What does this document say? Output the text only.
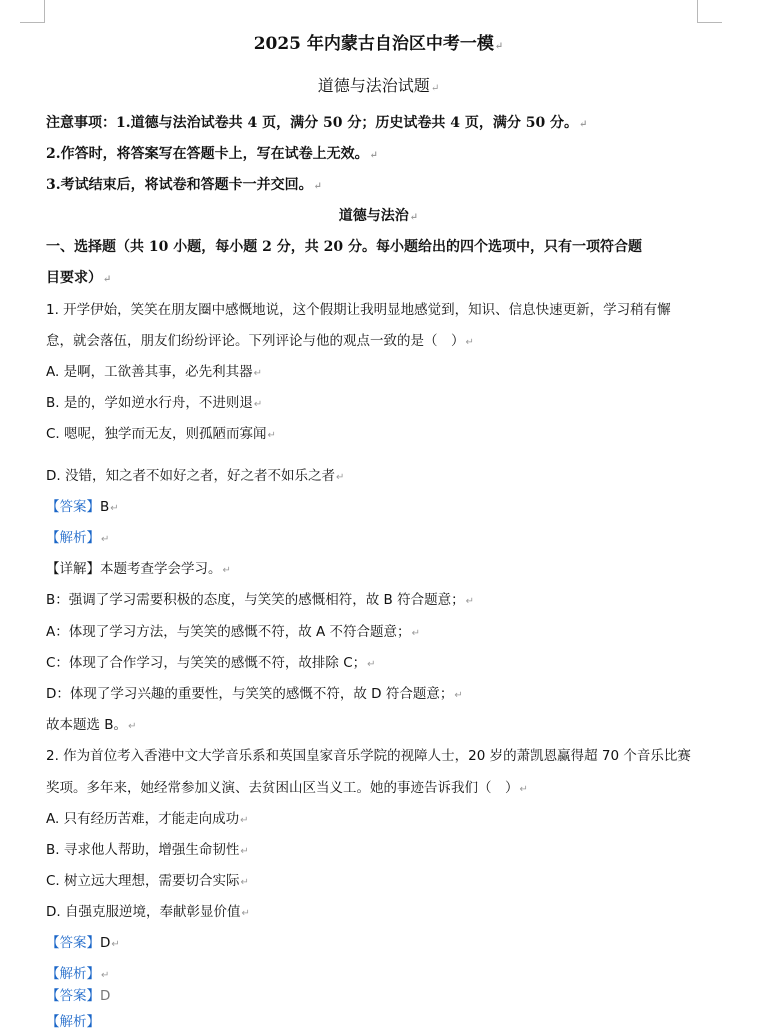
2025 年内蒙古自治区中考一模↵
道德与法治试题↵
注意事项：1.道德与法治试卷共 4 页，满分 50 分；历史试卷共 4 页，满分 50 分。↵
2.作答时，将答案写在答题卡上，写在试卷上无效。↵
3.考试结束后，将试卷和答题卡一并交回。↵
道德与法治↵
一、选择题（共 10 小题，每小题 2 分，共 20 分。每小题给出的四个选项中，只有一项符合题
目要求）↵
1. 开学伊始，笑笑在朋友圈中感慨地说，这个假期让我明显地感觉到，知识、信息快速更新，学习稍有懈
怠，就会落伍，朋友们纷纷评论。下列评论与他的观点一致的是（　）↵
A. 是啊，工欲善其事，必先利其器↵
B. 是的，学如逆水行舟，不进则退↵
C. 嗯呢，独学而无友，则孤陋而寡闻↵
D. 没错，知之者不如好之者，好之者不如乐之者↵
【答案】B↵
【解析】↵
【详解】本题考查学会学习。↵
B：强调了学习需要积极的态度，与笑笑的感慨相符，故 B 符合题意；↵
A：体现了学习方法，与笑笑的感慨不符，故 A 不符合题意；↵
C：体现了合作学习，与笑笑的感慨不符，故排除 C；↵
D：体现了学习兴趣的重要性，与笑笑的感慨不符，故 D 符合题意；↵
故本题选 B。↵
2. 作为首位考入香港中文大学音乐系和英国皇家音乐学院的视障人士，20 岁的萧凯恩赢得超 70 个音乐比赛
奖项。多年来，她经常参加义演、去贫困山区当义工。她的事迹告诉我们（　）↵
A. 只有经历苦难，才能走向成功↵
B. 寻求他人帮助，增强生命韧性↵
C. 树立远大理想，需要切合实际↵
D. 自强克服逆境，奉献彰显价值↵
【答案】D↵
【解析】↵
【答案】D
【解析】
